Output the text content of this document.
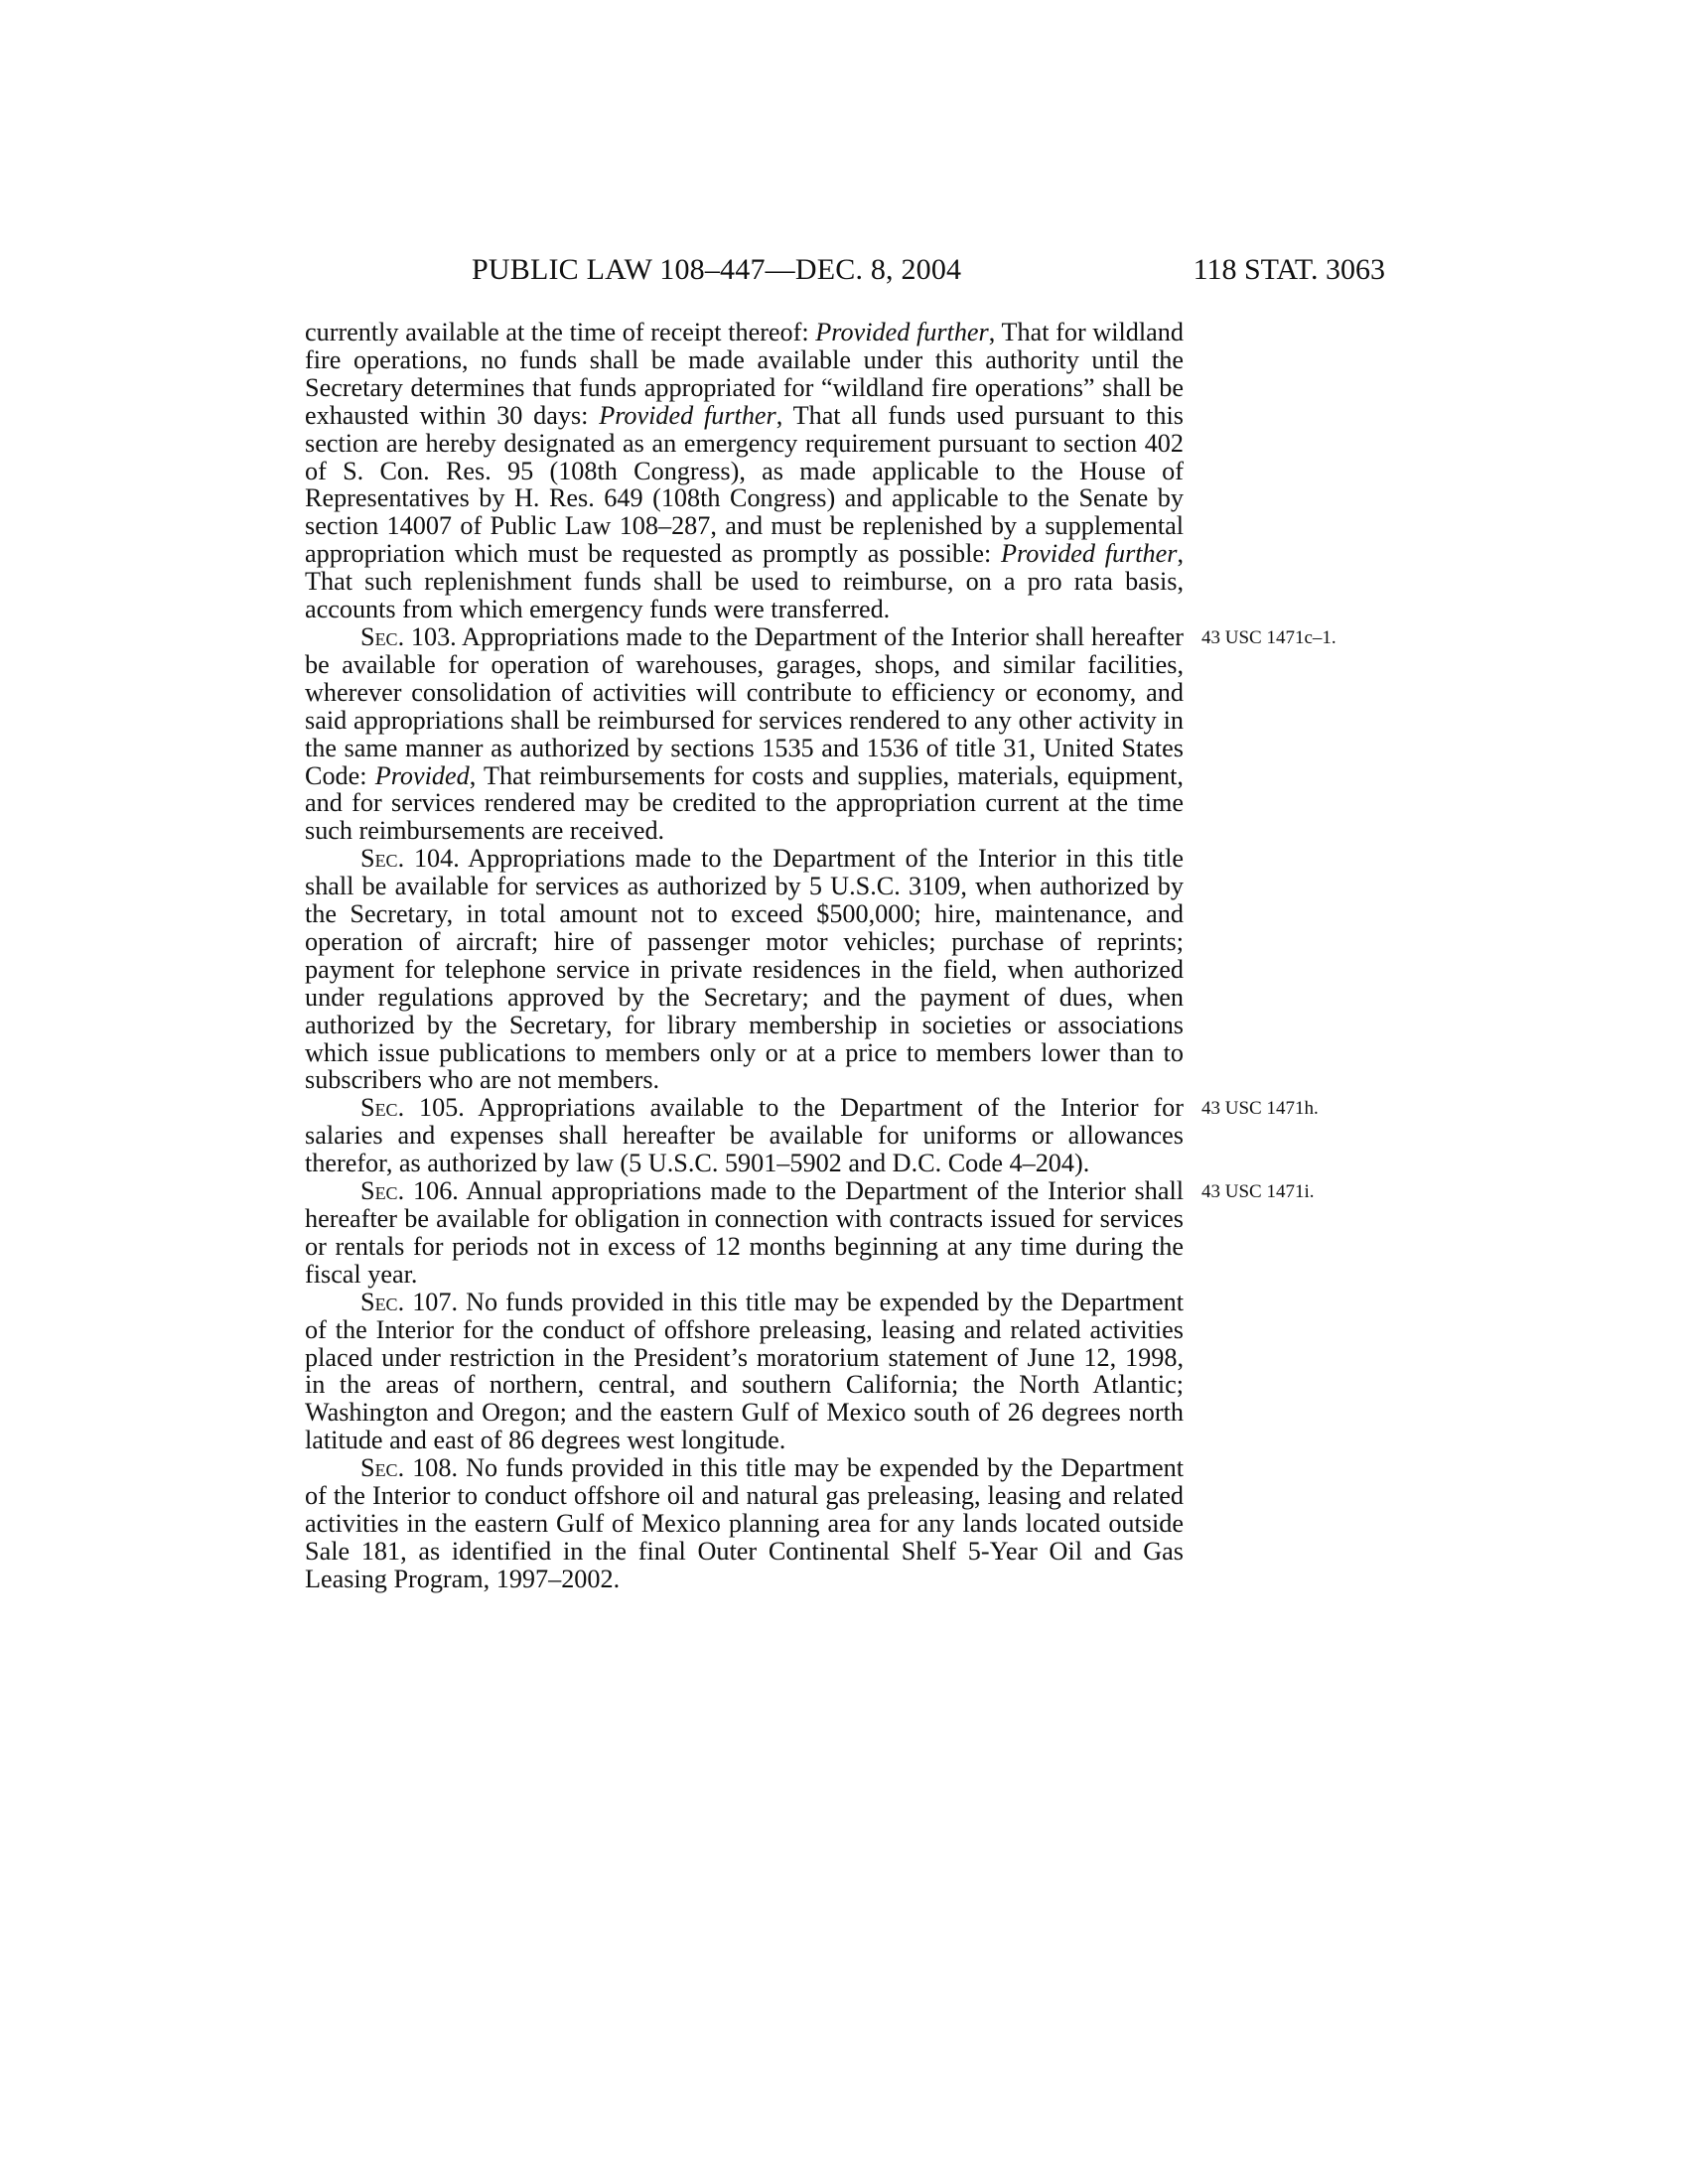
PUBLIC LAW 108–447—DEC. 8, 2004	118 STAT. 3063

currently available at the time of receipt thereof: Provided further, That for wildland fire operations, no funds shall be made available under this authority until the Secretary determines that funds appropriated for “wildland fire operations” shall be exhausted within 30 days: Provided further, That all funds used pursuant to this section are hereby designated as an emergency requirement pursuant to section 402 of S. Con. Res. 95 (108th Congress), as made applicable to the House of Representatives by H. Res. 649 (108th Congress) and applicable to the Senate by section 14007 of Public Law 108–287, and must be replenished by a supplemental appropriation which must be requested as promptly as possible: Provided further, That such replenishment funds shall be used to reimburse, on a pro rata basis, accounts from which emergency funds were transferred.

Sec. 103. Appropriations made to the Department of the Interior shall hereafter be available for operation of warehouses, garages, shops, and similar facilities, wherever consolidation of activities will contribute to efficiency or economy, and said appropriations shall be reimbursed for services rendered to any other activity in the same manner as authorized by sections 1535 and 1536 of title 31, United States Code: Provided, That reimbursements for costs and supplies, materials, equipment, and for services rendered may be credited to the appropriation current at the time such reimbursements are received.

Sec. 104. Appropriations made to the Department of the Interior in this title shall be available for services as authorized by 5 U.S.C. 3109, when authorized by the Secretary, in total amount not to exceed $500,000; hire, maintenance, and operation of aircraft; hire of passenger motor vehicles; purchase of reprints; payment for telephone service in private residences in the field, when authorized under regulations approved by the Secretary; and the payment of dues, when authorized by the Secretary, for library membership in societies or associations which issue publications to members only or at a price to members lower than to subscribers who are not members.

Sec. 105. Appropriations available to the Department of the Interior for salaries and expenses shall hereafter be available for uniforms or allowances therefor, as authorized by law (5 U.S.C. 5901–5902 and D.C. Code 4–204).

Sec. 106. Annual appropriations made to the Department of the Interior shall hereafter be available for obligation in connection with contracts issued for services or rentals for periods not in excess of 12 months beginning at any time during the fiscal year.

Sec. 107. No funds provided in this title may be expended by the Department of the Interior for the conduct of offshore preleasing, leasing and related activities placed under restriction in the President’s moratorium statement of June 12, 1998, in the areas of northern, central, and southern California; the North Atlantic; Washington and Oregon; and the eastern Gulf of Mexico south of 26 degrees north latitude and east of 86 degrees west longitude.

Sec. 108. No funds provided in this title may be expended by the Department of the Interior to conduct offshore oil and natural gas preleasing, leasing and related activities in the eastern Gulf of Mexico planning area for any lands located outside Sale 181, as identified in the final Outer Continental Shelf 5-Year Oil and Gas Leasing Program, 1997–2002.

43 USC 1471c–1.
43 USC 1471h.
43 USC 1471i.
